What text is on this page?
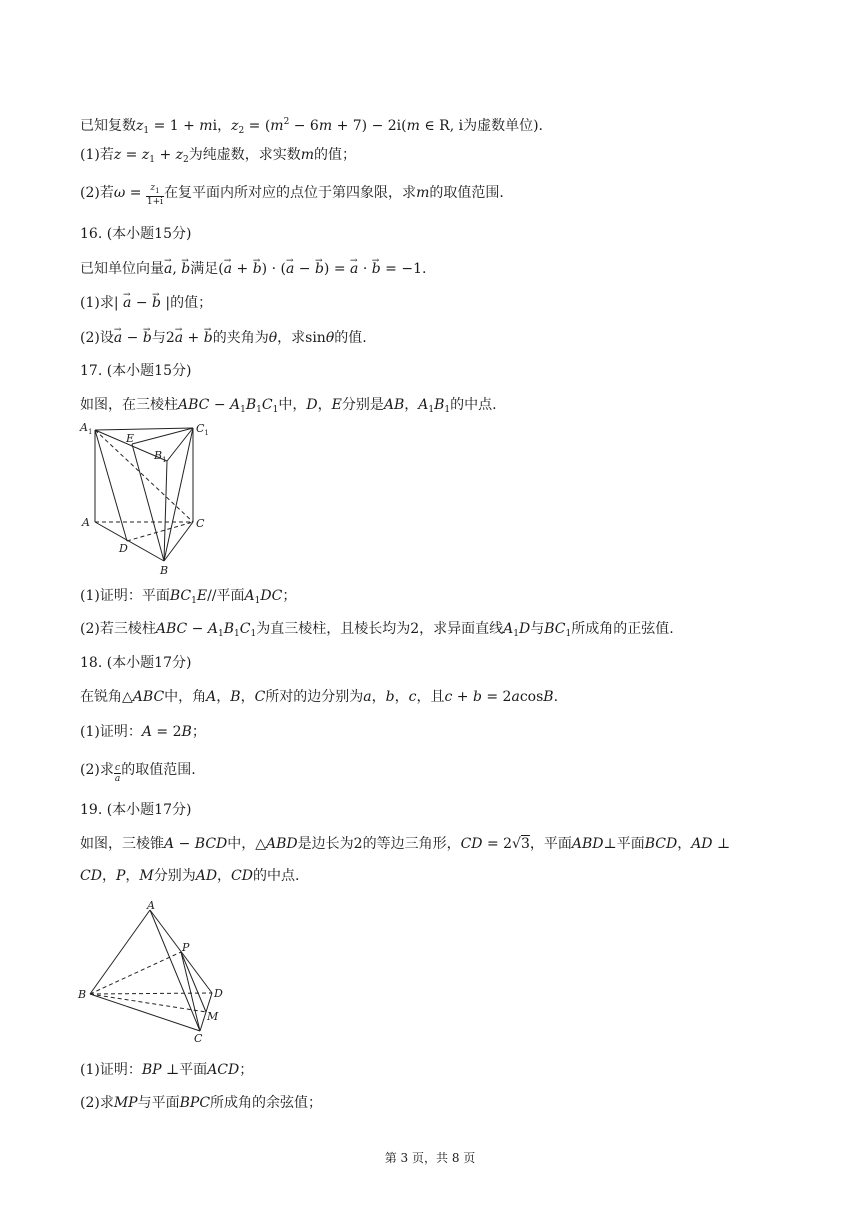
已知复数$z_1 = 1$ + mi，$z_2 = (m^2 - 6m + 7) - 2i(m$ ∈ R, i为虚数单位).
(1)若$z = z_1 + z_2$为纯虚数，求实数m的值；
(2)若$\omega = \frac{z_1}{1+i}$ 在复平面内所对应的点位于第四象限，求m的取值范围.
16. (本小题15分)
已知单位向量→ a, → b满足(→ a + → b) · (→ a − → b) = → a · → b = −1.
(1)求| → a − → b |的值；
(2)设→ a − → b与2→ a + → b的夹角为θ，求sinθ的值.
17. (本小题15分)
如图，在三棱柱ABC − $A_1B_1C_1$中，D，E分别是AB，$A_1B_1$的中点.
$A_1$	$C_1$
E
$B_1$
A	C
D
B
(1)证明：平面$BC_1E//$平面$A_1DC$；
(2)若三棱柱ABC − $A_1B_1C_1$为直三棱柱，且棱长均为2，求异面直线$A_1D$与$BC_1$所成角的正弦值.
18. (本小题17分)
在锐角△ABC中，角A，B，C所对的边分别为a，b，c，且c + b = 2acosB.
(1)证明：A = 2B；
(2)求 $\frac{c}{a}$ 的取值范围.
19. (本小题17分)
如图，三棱锥A − BCD中，△ABD是边长为2的等边三角形，CD = 2√3，平面ABD⊥平面BCD，AD ⊥
CD，P，M分别为AD，CD的中点.
A
P
B	D
M
C
(1)证明：BP ⊥平面ACD；
(2)求MP与平面BPC所成角的余弦值；
第 3 页，共 8 页
